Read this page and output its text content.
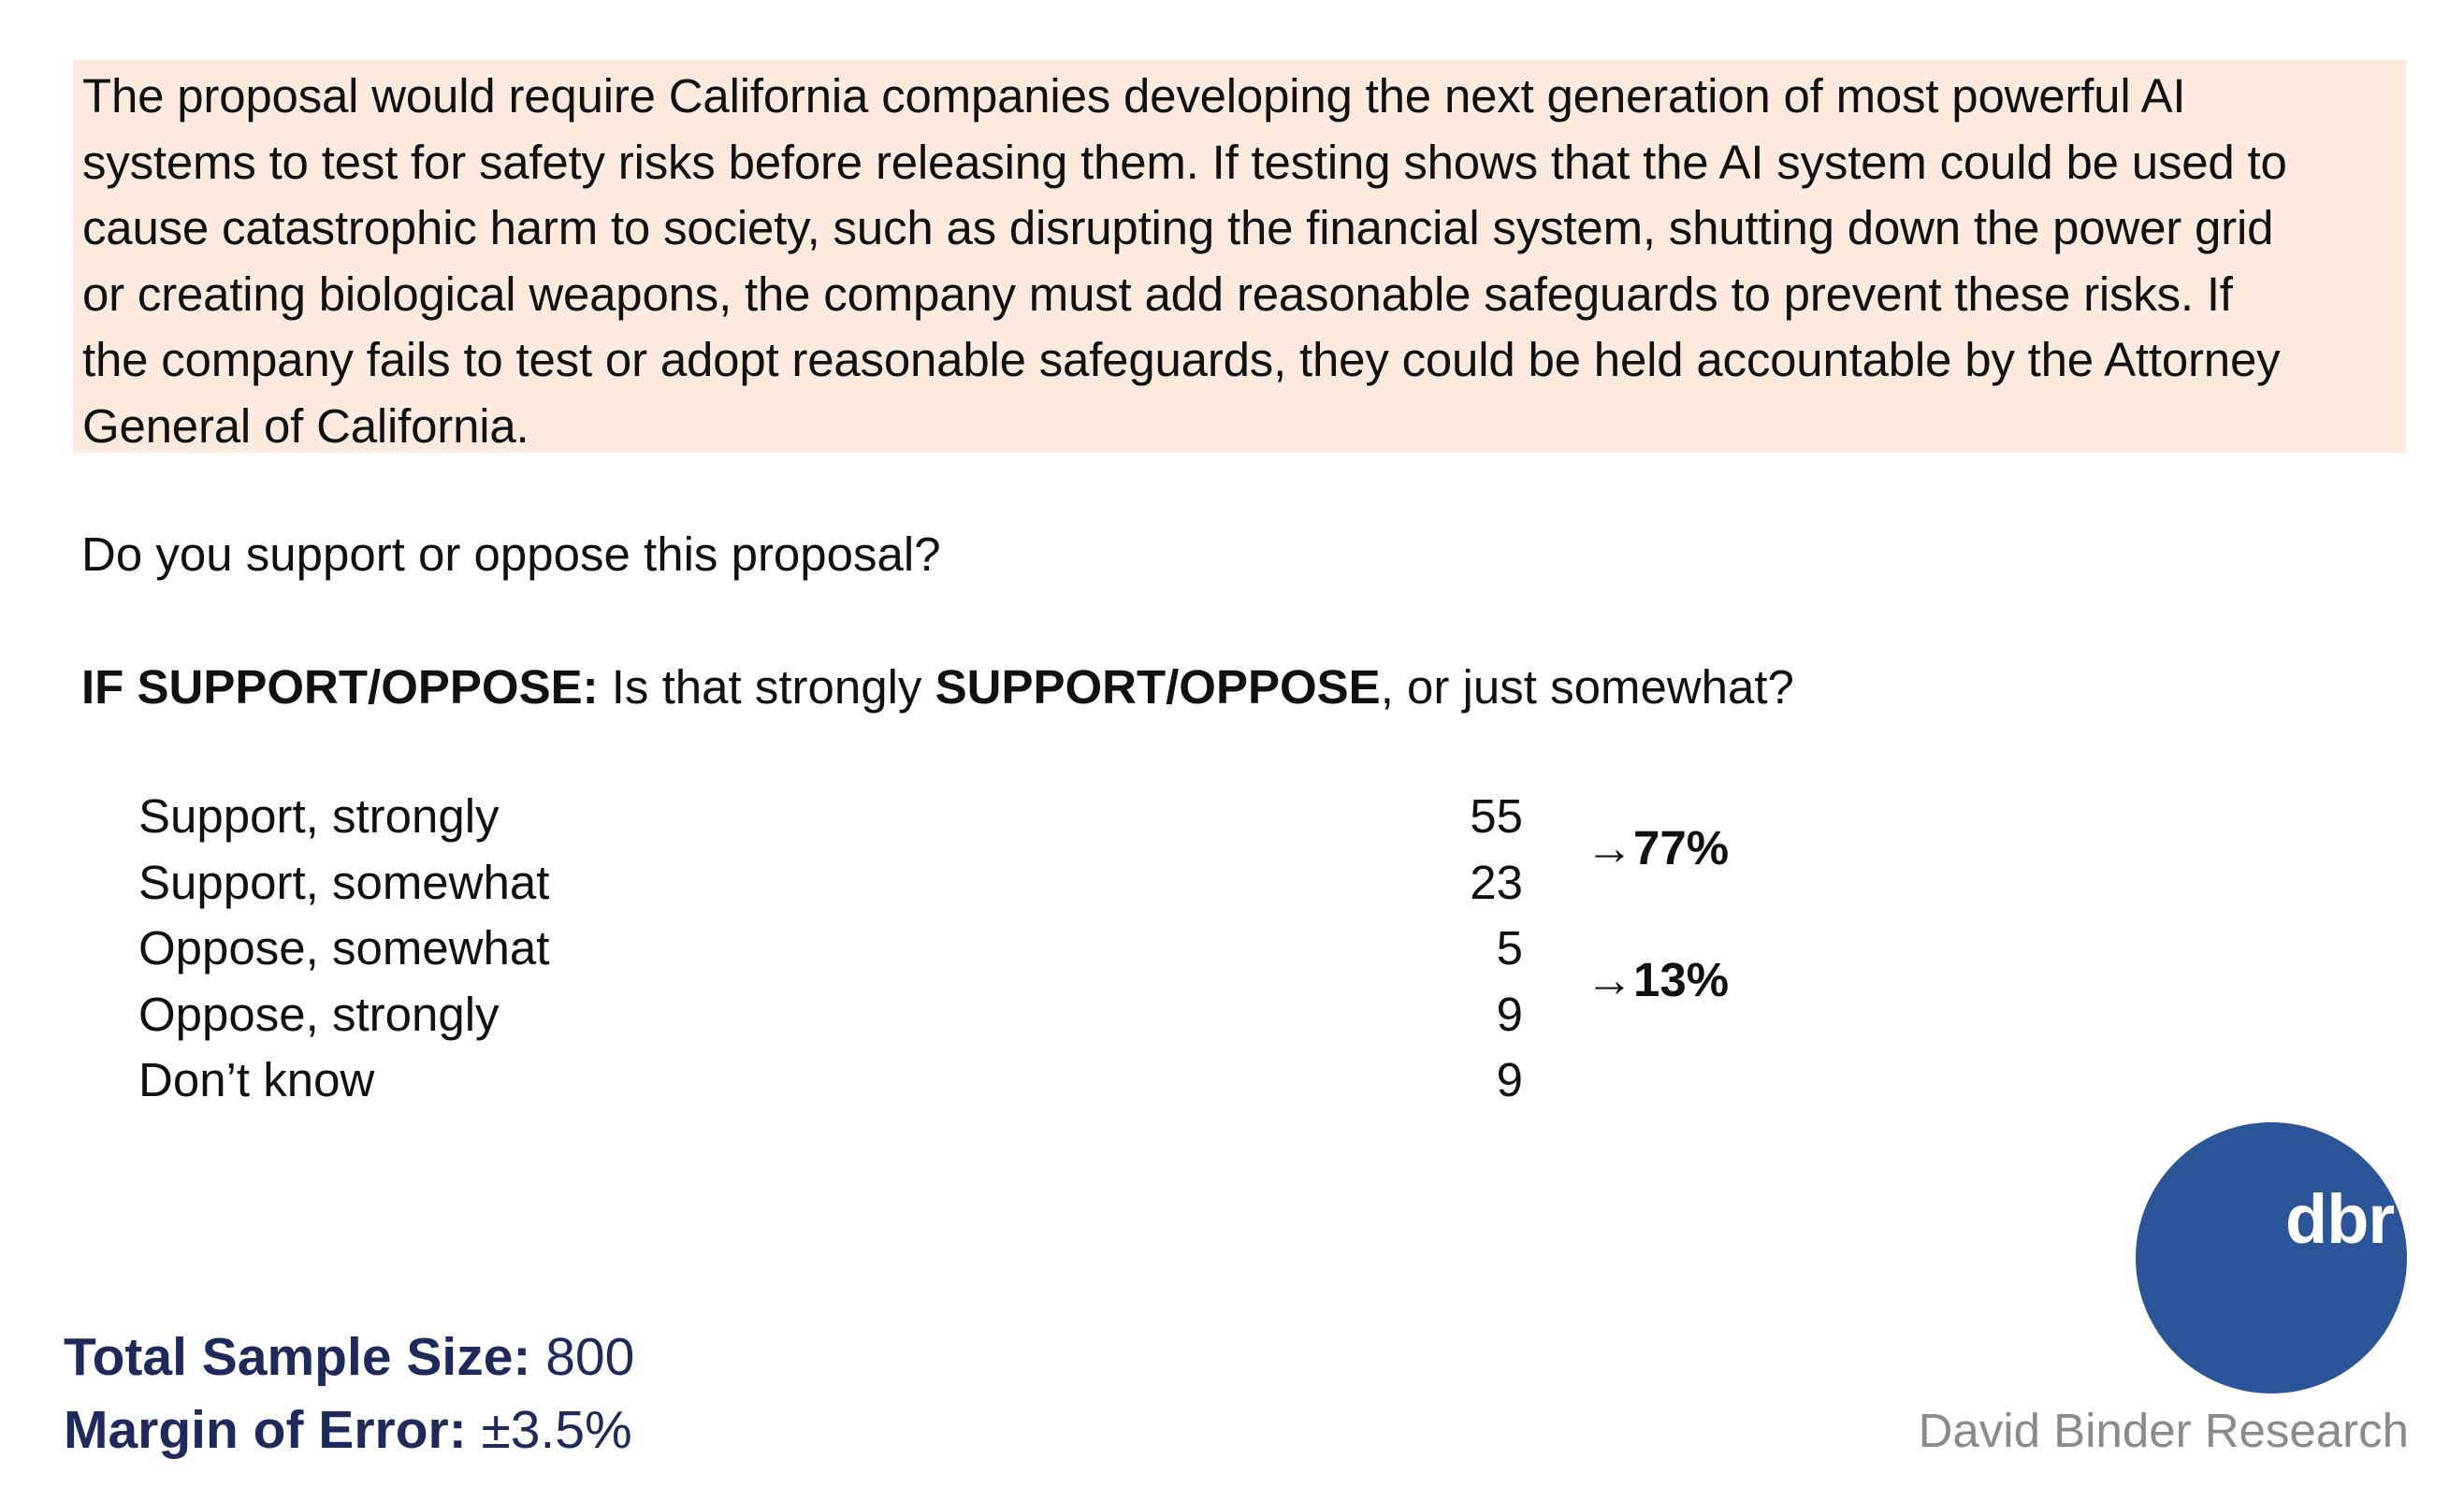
The proposal would require California companies developing the next generation of most powerful AI
systems to test for safety risks before releasing them. If testing shows that the AI system could be used to
cause catastrophic harm to society, such as disrupting the financial system, shutting down the power grid
or creating biological weapons, the company must add reasonable safeguards to prevent these risks. If
the company fails to test or adopt reasonable safeguards, they could be held accountable by the Attorney
General of California.
Do you support or oppose this proposal?
IF SUPPORT/OPPOSE: Is that strongly SUPPORT/OPPOSE, or just somewhat?
Support, strongly	55
Support, somewhat	23
Oppose, somewhat	5
Oppose, strongly	9
Don’t know	9
→77%
→13%
Total Sample Size: 800
Margin of Error: ±3.5%
dbr
David Binder Research
